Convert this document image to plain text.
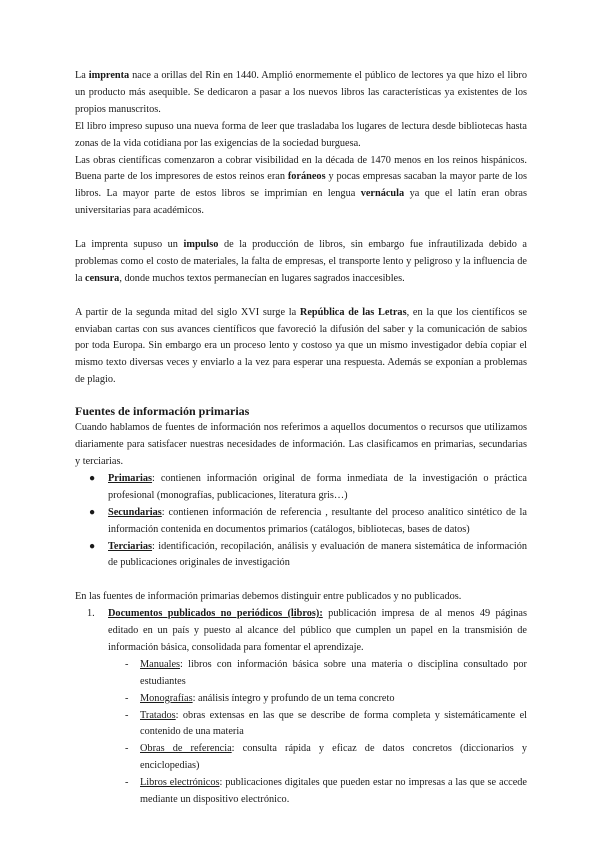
La imprenta nace a orillas del Rin en 1440. Amplió enormemente el público de lectores ya que hizo el libro un producto más asequible. Se dedicaron a pasar a los nuevos libros las características ya existentes de los propios manuscritos.

El libro impreso supuso una nueva forma de leer que trasladaba los lugares de lectura desde bibliotecas hasta zonas de la vida cotidiana por las exigencias de la sociedad burguesa.

Las obras científicas comenzaron a cobrar visibilidad en la década de 1470 menos en los reinos hispánicos. Buena parte de los impresores de estos reinos eran foráneos y pocas empresas sacaban la mayor parte de los libros. La mayor parte de estos libros se imprimían en lengua vernácula ya que el latín eran obras universitarias para académicos.

La imprenta supuso un impulso de la producción de libros, sin embargo fue infrautilizada debido a problemas como el costo de materiales, la falta de empresas, el transporte lento y peligroso y la influencia de la censura, donde muchos textos permanecían en lugares sagrados inaccesibles.

A partir de la segunda mitad del siglo XVI surge la República de las Letras, en la que los científicos se enviaban cartas con sus avances científicos que favoreció la difusión del saber y la comunicación de sabios por toda Europa. Sin embargo era un proceso lento y costoso ya que un mismo investigador debía copiar el mismo texto diversas veces y enviarlo a la vez para esperar una respuesta. Además se exponían a problemas de plagio.

Fuentes de información primarias

Cuando hablamos de fuentes de información nos referimos a aquellos documentos o recursos que utilizamos diariamente para satisfacer nuestras necesidades de información. Las clasificamos en primarias, secundarias y terciarias.

● Primarias: contienen información original de forma inmediata de la investigación o práctica profesional (monografías, publicaciones, literatura gris…)
● Secundarias: contienen información de referencia , resultante del proceso analítico sintético de la información contenida en documentos primarios (catálogos, bibliotecas, bases de datos)
● Terciarias: identificación, recopilación, análisis y evaluación de manera sistemática de información de publicaciones originales de investigación

En las fuentes de información primarias debemos distinguir entre publicados y no publicados.

1. Documentos publicados no periódicos (libros): publicación impresa de al menos 49 páginas editado en un país y puesto al alcance del público que cumplen un papel en la transmisión de información básica, consolidada para fomentar el aprendizaje.
- Manuales: libros con información básica sobre una materia o disciplina consultado por estudiantes
- Monografías: análisis íntegro y profundo de un tema concreto
- Tratados: obras extensas en las que se describe de forma completa y sistemáticamente el contenido de una materia
- Obras de referencia: consulta rápida y eficaz de datos concretos (diccionarios y enciclopedias)
- Libros electrónicos: publicaciones digitales que pueden estar no impresas a las que se accede mediante un dispositivo electrónico.
